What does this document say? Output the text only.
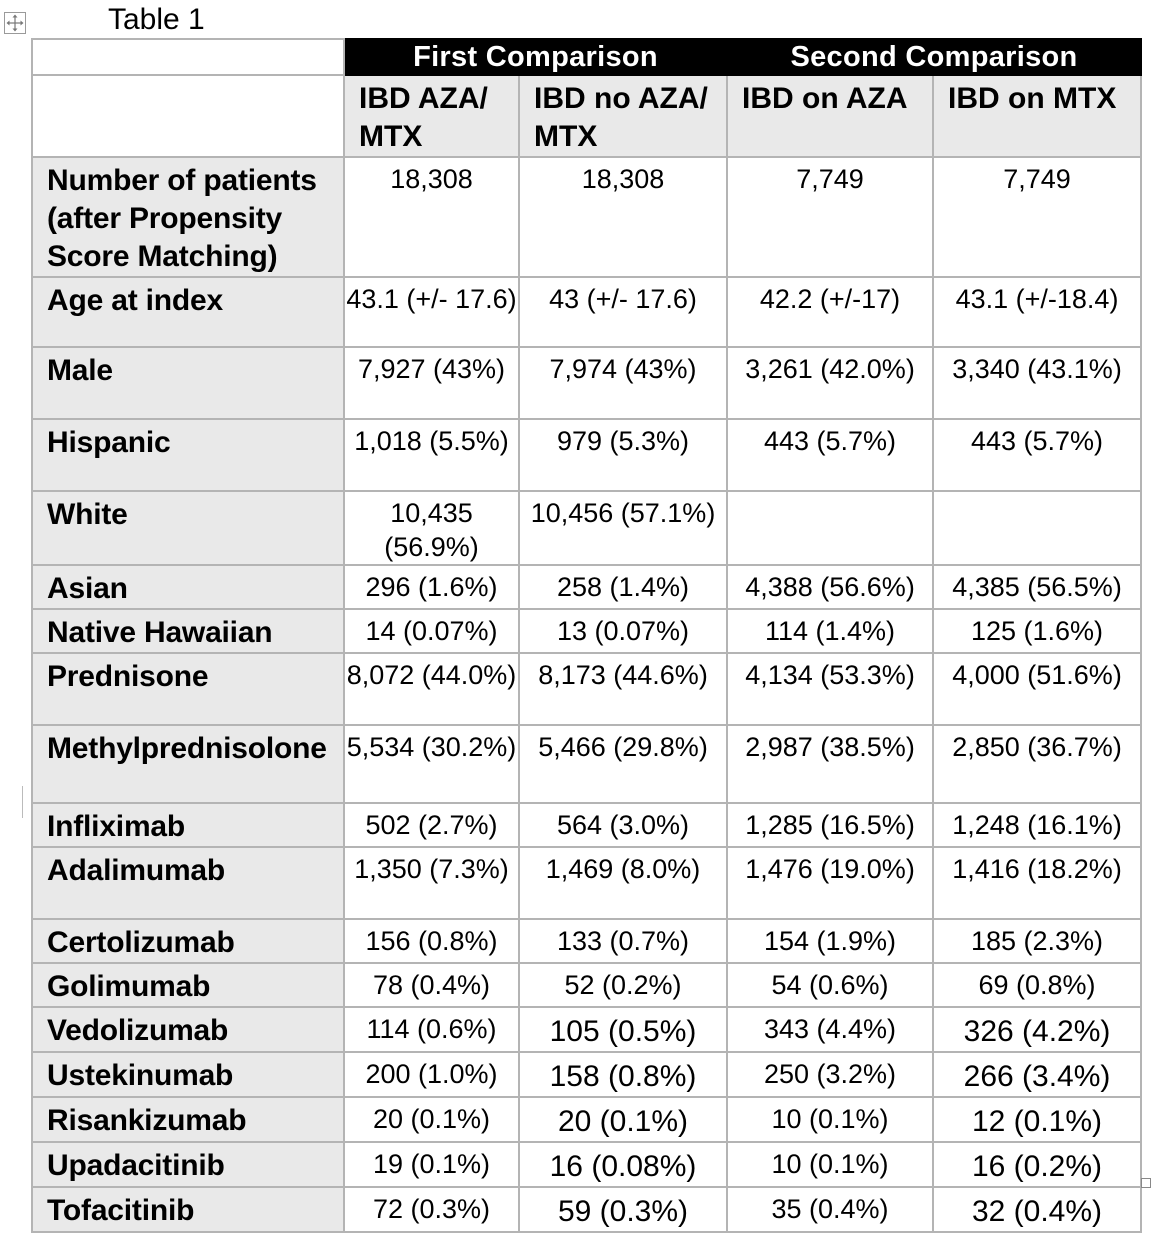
Table 1
	First Comparison		Second Comparison	
	IBD AZA/ MTX	IBD no AZA/ MTX	IBD on AZA	IBD on MTX
Number of patients (after Propensity Score Matching)	18,308	18,308	7,749	7,749
Age at index	43.1 (+/- 17.6)	43 (+/- 17.6)	42.2 (+/-17)	43.1 (+/-18.4)
Male	7,927 (43%)	7,974 (43%)	3,261 (42.0%)	3,340 (43.1%)
Hispanic	1,018 (5.5%)	979 (5.3%)	443 (5.7%)	443 (5.7%)
White	10,435 (56.9%)	10,456 (57.1%)		
Asian	296 (1.6%)	258 (1.4%)	4,388 (56.6%)	4,385 (56.5%)
Native Hawaiian	14 (0.07%)	13 (0.07%)	114 (1.4%)	125 (1.6%)
Prednisone	8,072 (44.0%)	8,173 (44.6%)	4,134 (53.3%)	4,000 (51.6%)
Methylprednisolone	5,534 (30.2%)	5,466 (29.8%)	2,987 (38.5%)	2,850 (36.7%)
Infliximab	502 (2.7%)	564 (3.0%)	1,285 (16.5%)	1,248 (16.1%)
Adalimumab	1,350 (7.3%)	1,469 (8.0%)	1,476 (19.0%)	1,416 (18.2%)
Certolizumab	156 (0.8%)	133 (0.7%)	154 (1.9%)	185 (2.3%)
Golimumab	78 (0.4%)	52 (0.2%)	54 (0.6%)	69 (0.8%)
Vedolizumab	114 (0.6%)	105 (0.5%)	343 (4.4%)	326 (4.2%)
Ustekinumab	200 (1.0%)	158 (0.8%)	250 (3.2%)	266 (3.4%)
Risankizumab	20 (0.1%)	20 (0.1%)	10 (0.1%)	12 (0.1%)
Upadacitinib	19 (0.1%)	16 (0.08%)	10 (0.1%)	16 (0.2%)
Tofacitinib	72 (0.3%)	59 (0.3%)	35 (0.4%)	32 (0.4%)
